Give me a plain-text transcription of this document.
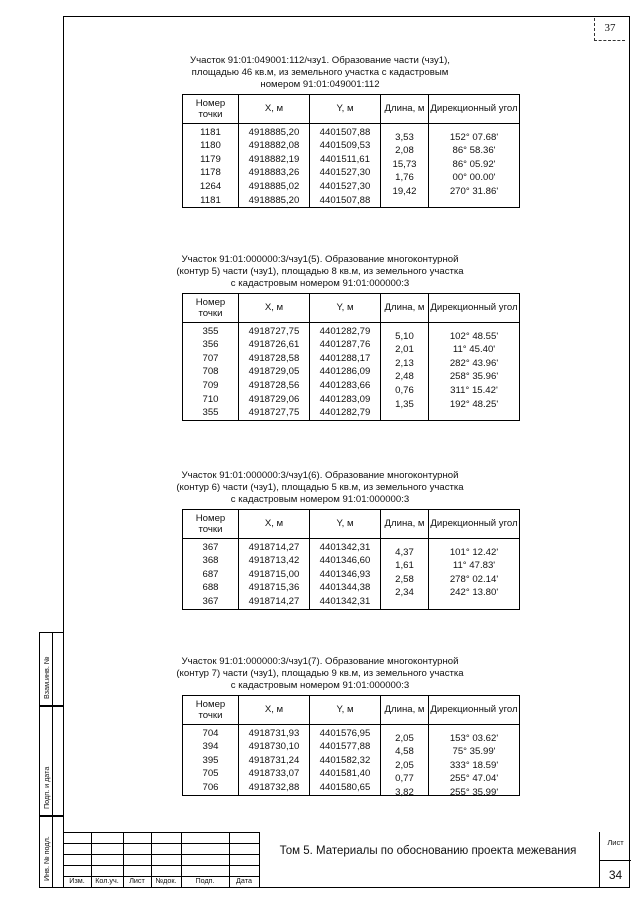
37
Участок 91:01:049001:112/чзу1. Образование части (чзу1),
площадью 46 кв.м, из земельного участка с кадастровым
номером 91:01:049001:112
Номер точки	X, м	Y, м	Длина, м	Дирекционный угол
1181	4918885,20	4401507,88	3,53	152° 07.68'
1180	4918882,08	4401509,53	2,08	86° 58.36'
1179	4918882,19	4401511,61	15,73	86° 05.92'
1178	4918883,26	4401527,30	1,76	00° 00.00'
1264	4918885,02	4401527,30	19,42	270° 31.86'
1181	4918885,20	4401507,88		
Участок 91:01:000000:3/чзу1(5). Образование многоконтурной
(контур 5) части (чзу1), площадью 8 кв.м, из земельного участка
с кадастровым номером 91:01:000000:3
Номер точки	X, м	Y, м	Длина, м	Дирекционный угол
355	4918727,75	4401282,79	5,10	102° 48.55'
356	4918726,61	4401287,76	2,01	11° 45.40'
707	4918728,58	4401288,17	2,13	282° 43.96'
708	4918729,05	4401286,09	2,48	258° 35.96'
709	4918728,56	4401283,66	0,76	311° 15.42'
710	4918729,06	4401283,09	1,35	192° 48.25'
355	4918727,75	4401282,79		
Участок 91:01:000000:3/чзу1(6). Образование многоконтурной
(контур 6) части (чзу1), площадью 5 кв.м, из земельного участка
с кадастровым номером 91:01:000000:3
Номер точки	X, м	Y, м	Длина, м	Дирекционный угол
367	4918714,27	4401342,31	4,37	101° 12.42'
368	4918713,42	4401346,60	1,61	11° 47.83'
687	4918715,00	4401346,93	2,58	278° 02.14'
688	4918715,36	4401344,38	2,34	242° 13.80'
367	4918714,27	4401342,31		
Участок 91:01:000000:3/чзу1(7). Образование многоконтурной
(контур 7) части (чзу1), площадью 9 кв.м, из земельного участка
с кадастровым номером 91:01:000000:3
Номер точки	X, м	Y, м	Длина, м	Дирекционный угол
704	4918731,93	4401576,95	2,05	153° 03.62'
394	4918730,10	4401577,88	4,58	75° 35.99'
395	4918731,24	4401582,32	2,05	333° 18.59'
705	4918733,07	4401581,40	0,77	255° 47.04'
706	4918732,88	4401580,65	3,82	255° 35.99'
Взам.инв. №
Подп. и дата
Инв. № подл.	Изм.	Кол.уч.	Лист	№док.	Подп.	Дата
Том 5. Материалы по обоснованию проекта межевания
Лист
34
